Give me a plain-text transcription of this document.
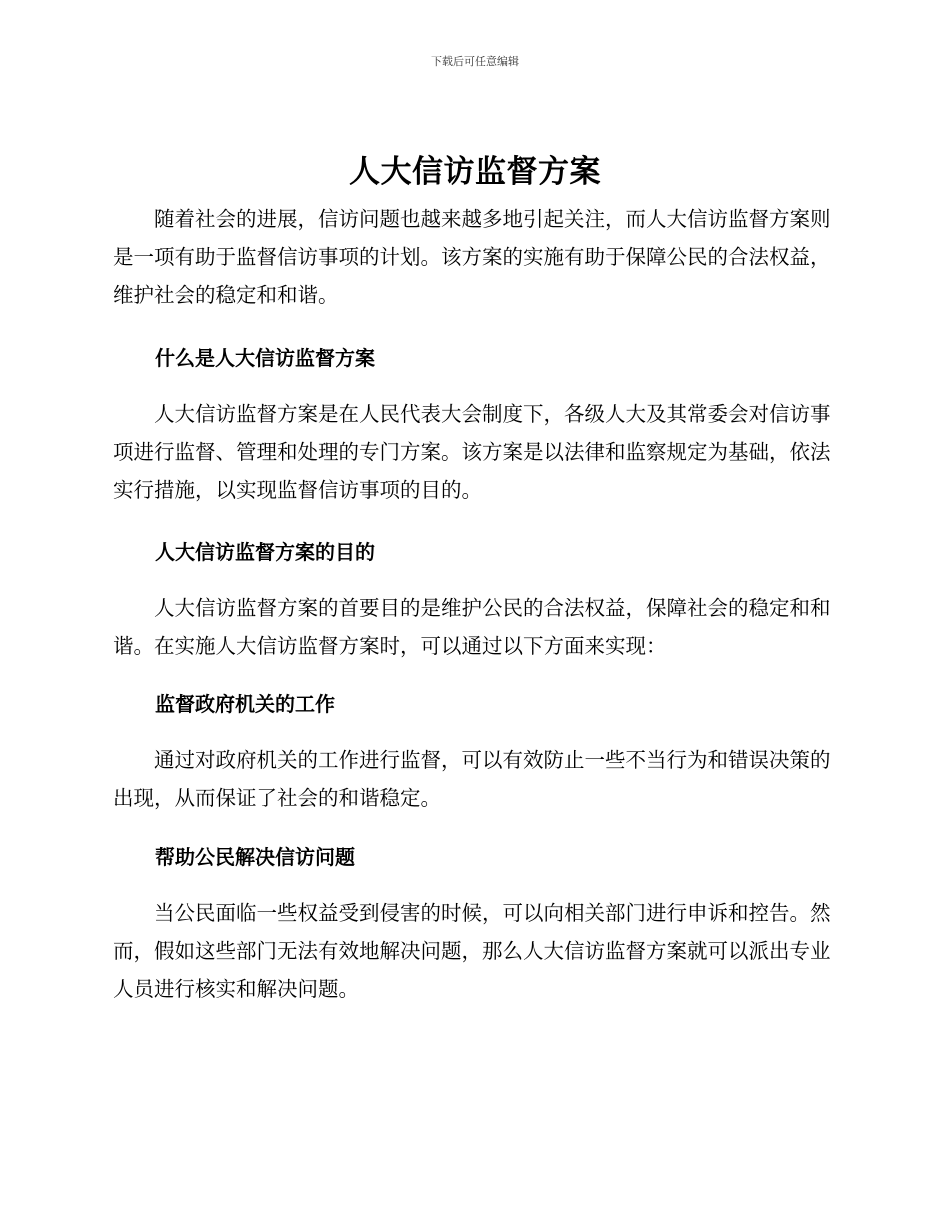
下载后可任意编辑
人大信访监督方案

随着社会的进展，信访问题也越来越多地引起关注，而人大信访监督方案则是一项有助于监督信访事项的计划。该方案的实施有助于保障公民的合法权益，维护社会的稳定和和谐。

什么是人大信访监督方案

人大信访监督方案是在人民代表大会制度下，各级人大及其常委会对信访事项进行监督、管理和处理的专门方案。该方案是以法律和监察规定为基础，依法实行措施，以实现监督信访事项的目的。

人大信访监督方案的目的

人大信访监督方案的首要目的是维护公民的合法权益，保障社会的稳定和和谐。在实施人大信访监督方案时，可以通过以下方面来实现：

监督政府机关的工作

通过对政府机关的工作进行监督，可以有效防止一些不当行为和错误决策的出现，从而保证了社会的和谐稳定。

帮助公民解决信访问题

当公民面临一些权益受到侵害的时候，可以向相关部门进行申诉和控告。然而，假如这些部门无法有效地解决问题，那么人大信访监督方案就可以派出专业人员进行核实和解决问题。
